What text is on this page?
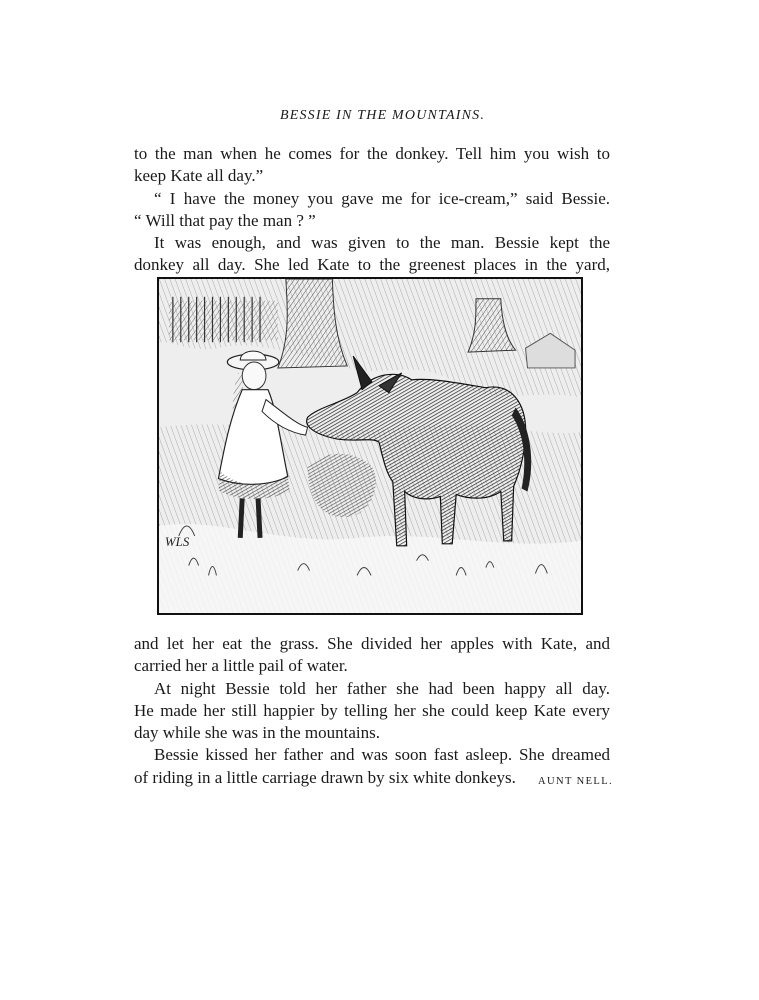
BESSIE IN THE MOUNTAINS.
to the man when he comes for the donkey. Tell him you wish to
keep Kate all day.”
“ I have the money you gave me for ice-cream,” said Bessie.
“ Will that pay the man ? ”
It was enough, and was given to the man. Bessie kept the
donkey all day. She led Kate to the greenest places in the yard,
WLS
and let her eat the grass. She divided her apples with Kate, and
carried her a little pail of water.
At night Bessie told her father she had been happy all day.
He made her still happier by telling her she could keep Kate every
day while she was in the mountains.
Bessie kissed her father and was soon fast asleep. She dreamed
of riding in a little carriage drawn by six white donkeys.	AUNT NELL.
